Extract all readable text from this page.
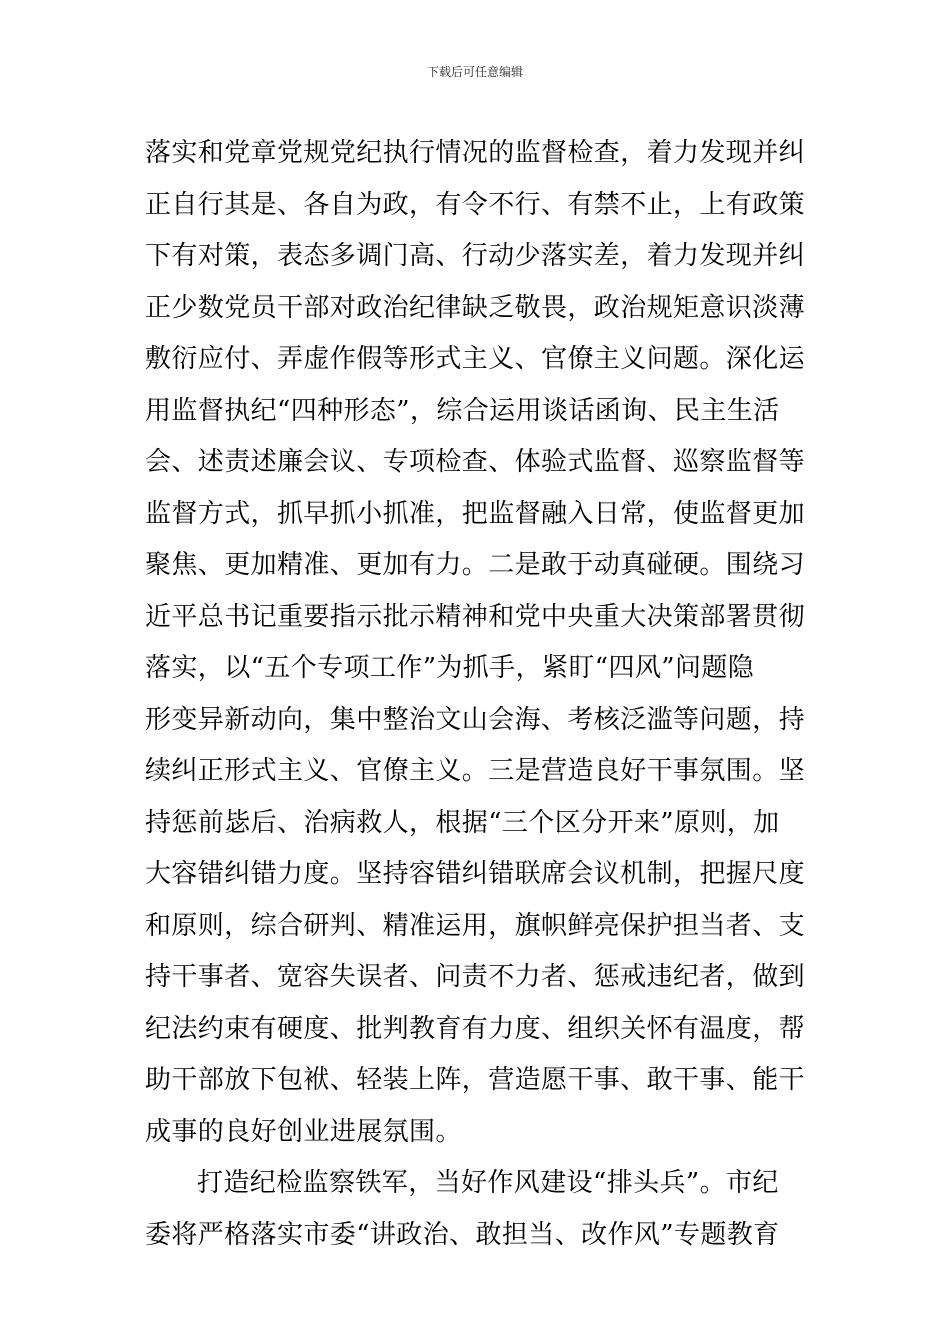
下载后可任意编辑
落实和党章党规党纪执行情况的监督检查，着力发现并纠
正自行其是、各自为政，有令不行、有禁不止，上有政策
下有对策，表态多调门高、行动少落实差，着力发现并纠
正少数党员干部对政治纪律缺乏敬畏，政治规矩意识淡薄
敷衍应付、弄虚作假等形式主义、官僚主义问题。深化运
用监督执纪“四种形态”，综合运用谈话函询、民主生活
会、述责述廉会议、专项检查、体验式监督、巡察监督等
监督方式，抓早抓小抓准，把监督融入日常，使监督更加
聚焦、更加精准、更加有力。二是敢于动真碰硬。围绕习
近平总书记重要指示批示精神和党中央重大决策部署贯彻
落实，以“五个专项工作”为抓手，紧盯“四风”问题隐
形变异新动向，集中整治文山会海、考核泛滥等问题，持
续纠正形式主义、官僚主义。三是营造良好干事氛围。坚
持惩前毖后、治病救人，根据“三个区分开来”原则，加
大容错纠错力度。坚持容错纠错联席会议机制，把握尺度
和原则，综合研判、精准运用，旗帜鲜亮保护担当者、支
持干事者、宽容失误者、问责不力者、惩戒违纪者，做到
纪法约束有硬度、批判教育有力度、组织关怀有温度，帮
助干部放下包袱、轻装上阵，营造愿干事、敢干事、能干
成事的良好创业进展氛围。
打造纪检监察铁军，当好作风建设“排头兵”。市纪
委将严格落实市委“讲政治、敢担当、改作风”专题教育
